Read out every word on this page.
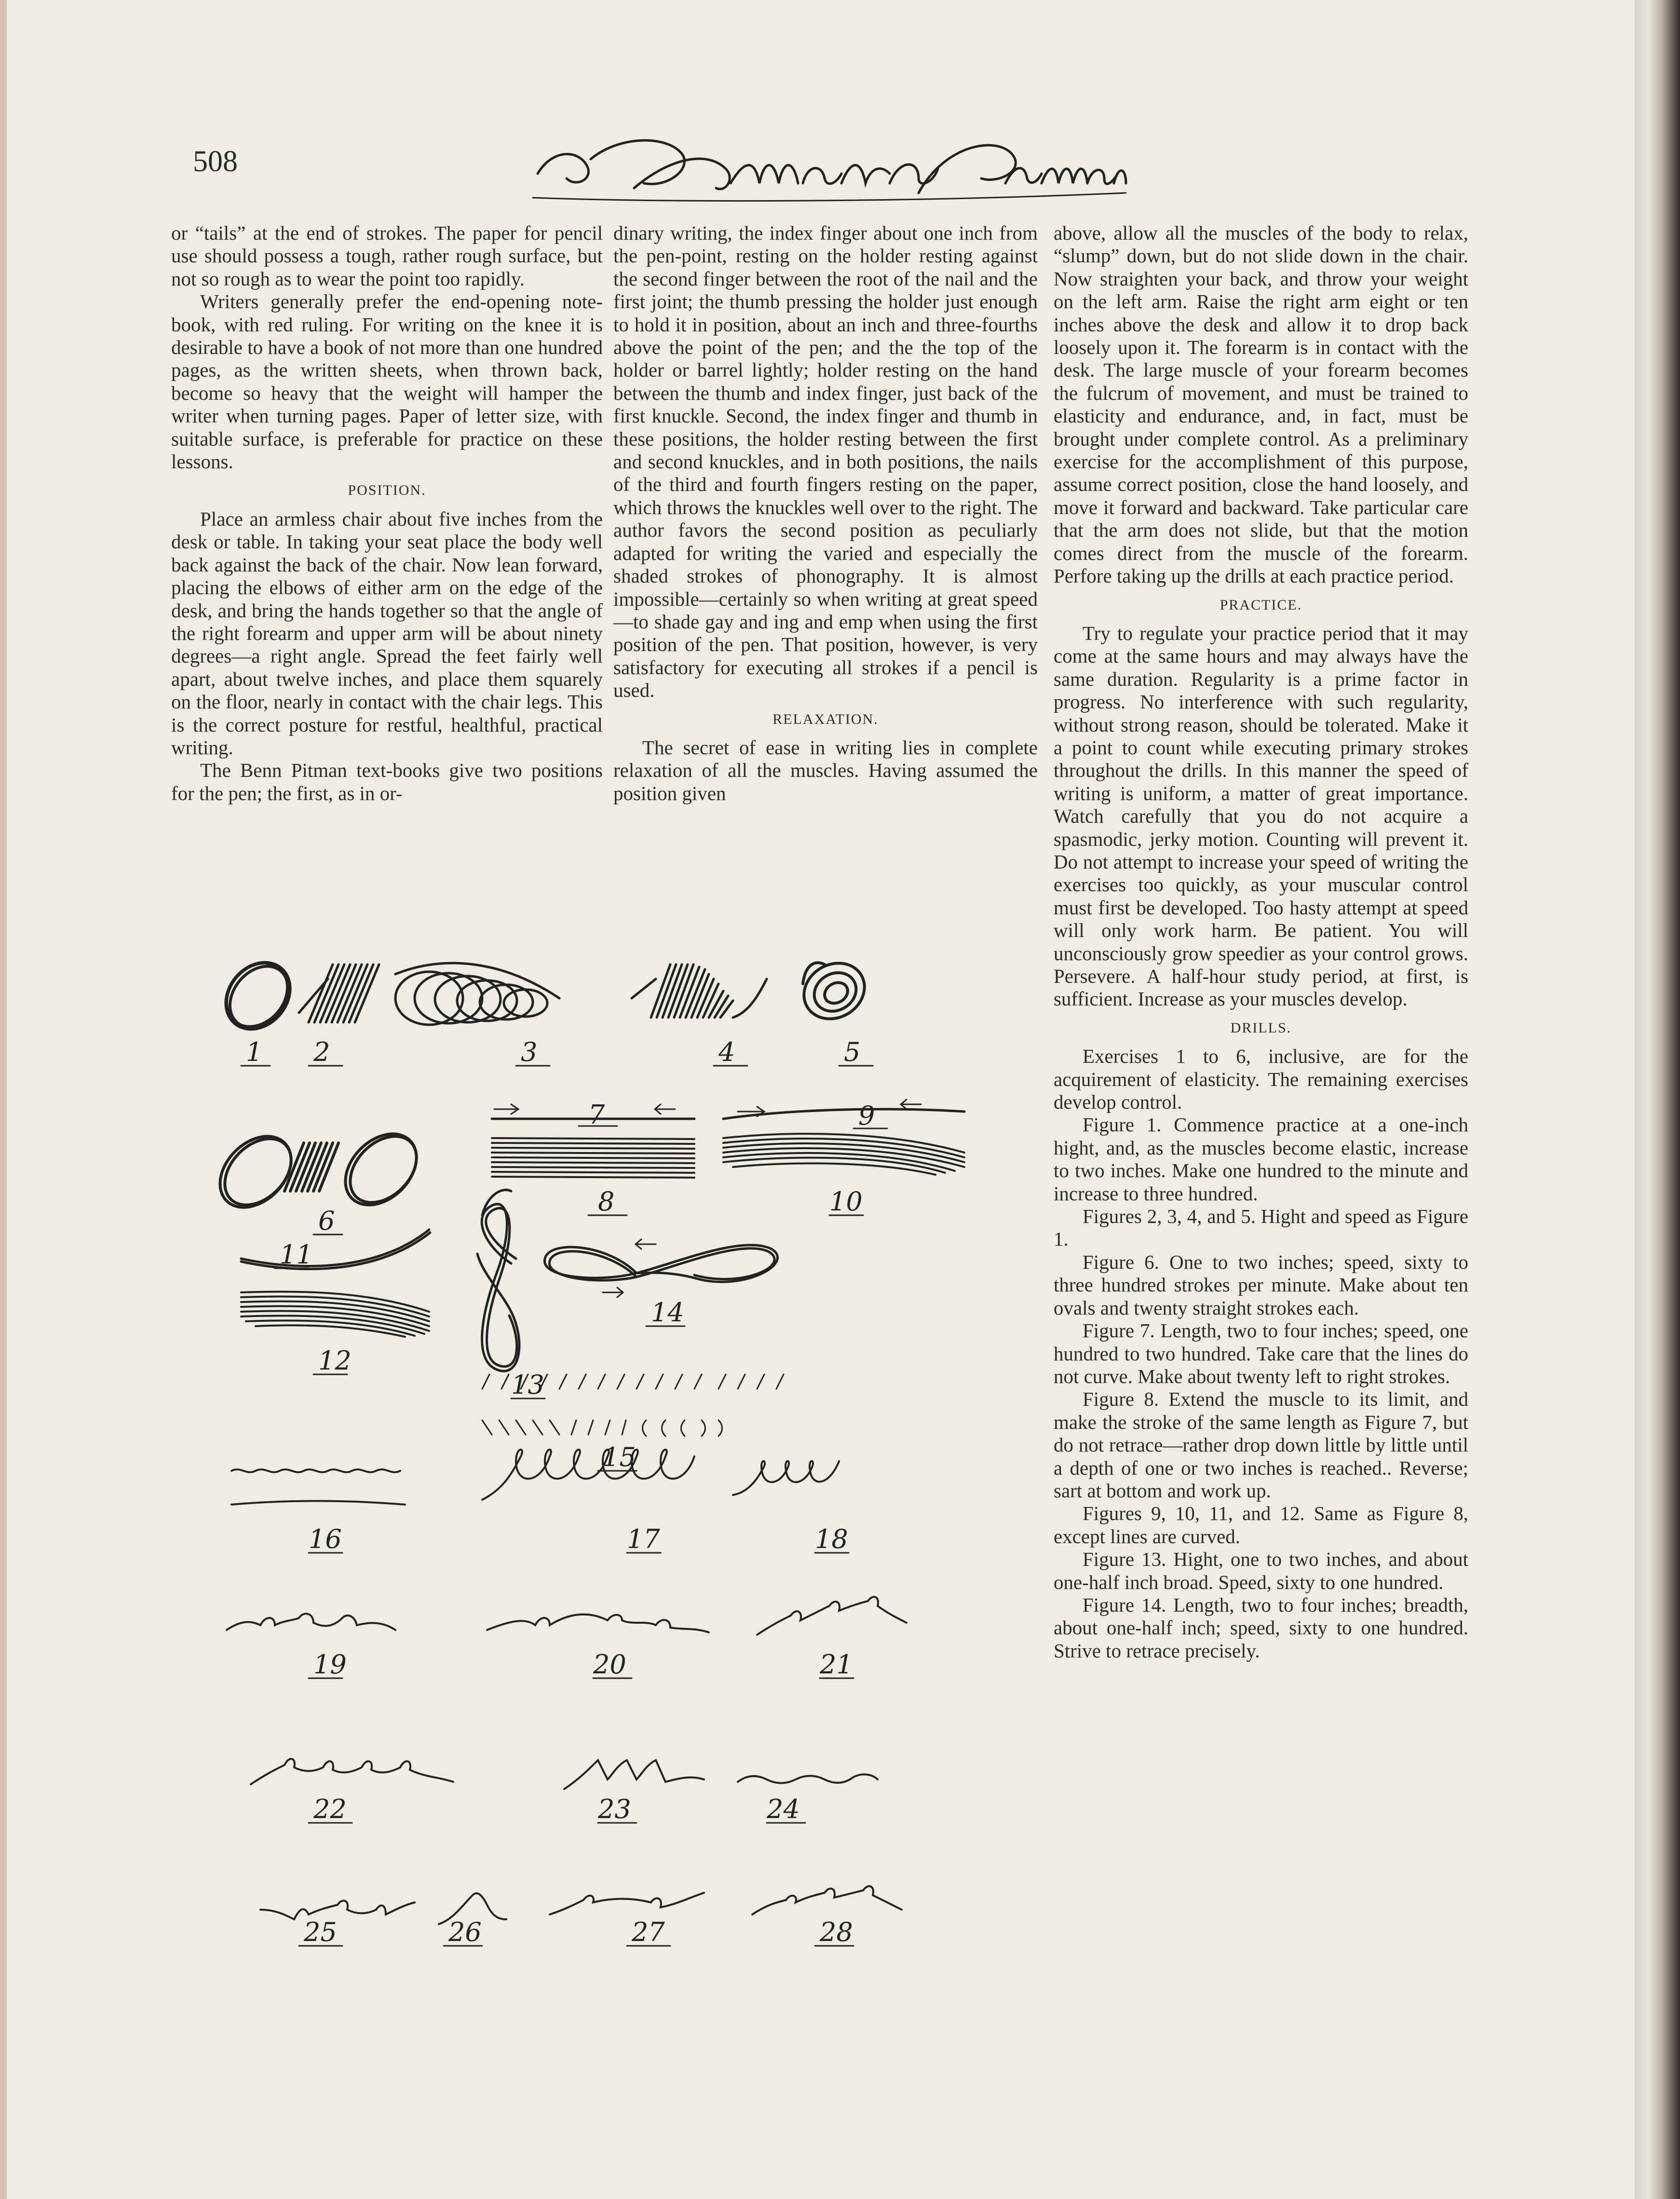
508

or “tails” at the end of strokes. The paper for pencil use should possess a tough, rather rough surface, but not so rough as to wear the point too rapidly.

Writers generally prefer the end-opening note-book, with red ruling. For writing on the knee it is desirable to have a book of not more than one hundred pages, as the written sheets, when thrown back, become so heavy that the weight will hamper the writer when turning pages. Paper of letter size, with suitable surface, is preferable for practice on these lessons.

POSITION.

Place an armless chair about five inches from the desk or table. In taking your seat place the body well back against the back of the chair. Now lean forward, placing the elbows of either arm on the edge of the desk, and bring the hands together so that the angle of the right forearm and upper arm will be about ninety degrees—a right angle. Spread the feet fairly well apart, about twelve inches, and place them squarely on the floor, nearly in contact with the chair legs. This is the correct posture for restful, healthful, practical writing.

The Benn Pitman text-books give two positions for the pen; the first, as in or-

dinary writing, the index finger about one inch from the pen-point, resting on the holder resting against the second finger between the root of the nail and the first joint; the thumb pressing the holder just enough to hold it in position, about an inch and three-fourths above the point of the pen; and the the top of the holder or barrel lightly; holder resting on the hand between the thumb and index finger, just back of the first knuckle. Second, the index finger and thumb in these positions, the holder resting between the first and second knuckles, and in both positions, the nails of the third and fourth fingers resting on the paper, which throws the knuckles well over to the right. The author favors the second position as peculiarly adapted for writing the varied and especially the shaded strokes of phonography. It is almost impossible—certainly so when writing at great speed—to shade gay and ing and emp when using the first position of the pen. That position, however, is very satisfactory for executing all strokes if a pencil is used.

RELAXATION.

The secret of ease in writing lies in complete relaxation of all the muscles. Having assumed the position given

above, allow all the muscles of the body to relax, “slump” down, but do not slide down in the chair. Now straighten your back, and throw your weight on the left arm. Raise the right arm eight or ten inches above the desk and allow it to drop back loosely upon it. The forearm is in contact with the desk. The large muscle of your forearm becomes the fulcrum of movement, and must be trained to elasticity and endurance, and, in fact, must be brought under complete control. As a preliminary exercise for the accomplishment of this purpose, assume correct position, close the hand loosely, and move it forward and backward. Take particular care that the arm does not slide, but that the motion comes direct from the muscle of the forearm. Perfore taking up the drills at each practice period.

PRACTICE.

Try to regulate your practice period that it may come at the same hours and may always have the same duration. Regularity is a prime factor in progress. No interference with such regularity, without strong reason, should be tolerated. Make it a point to count while executing primary strokes throughout the drills. In this manner the speed of writing is uniform, a matter of great importance. Watch carefully that you do not acquire a spasmodic, jerky motion. Counting will prevent it. Do not attempt to increase your speed of writing the exercises too quickly, as your muscular control must first be developed. Too hasty attempt at speed will only work harm. Be patient. You will unconsciously grow speedier as your control grows. Persevere. A half-hour study period, at first, is sufficient. Increase as your muscles develop.

DRILLS.

Exercises 1 to 6, inclusive, are for the acquirement of elasticity. The remaining exercises develop control.

Figure 1. Commence practice at a one-inch hight, and, as the muscles become elastic, increase to two inches. Make one hundred to the minute and increase to three hundred.

Figures 2, 3, 4, and 5. Hight and speed as Figure 1.

Figure 6. One to two inches; speed, sixty to three hundred strokes per minute. Make about ten ovals and twenty straight strokes each.

Figure 7. Length, two to four inches; speed, one hundred to two hundred. Take care that the lines do not curve. Make about twenty left to right strokes.

Figure 8. Extend the muscle to its limit, and make the stroke of the same length as Figure 7, but do not retrace—rather drop down little by little until a depth of one or two inches is reached.. Reverse; sart at bottom and work up.

Figures 9, 10, 11, and 12. Same as Figure 8, except lines are curved.

Figure 13. Hight, one to two inches, and about one-half inch broad. Speed, sixty to one hundred.

Figure 14. Length, two to four inches; breadth, about one-half inch; speed, sixty to one hundred. Strive to retrace precisely.

1 2	3	4	5
6
7
8
9
10
11
12
13
14
15
16	17	18
19	20	21
22	23	24
25	26	27	28
